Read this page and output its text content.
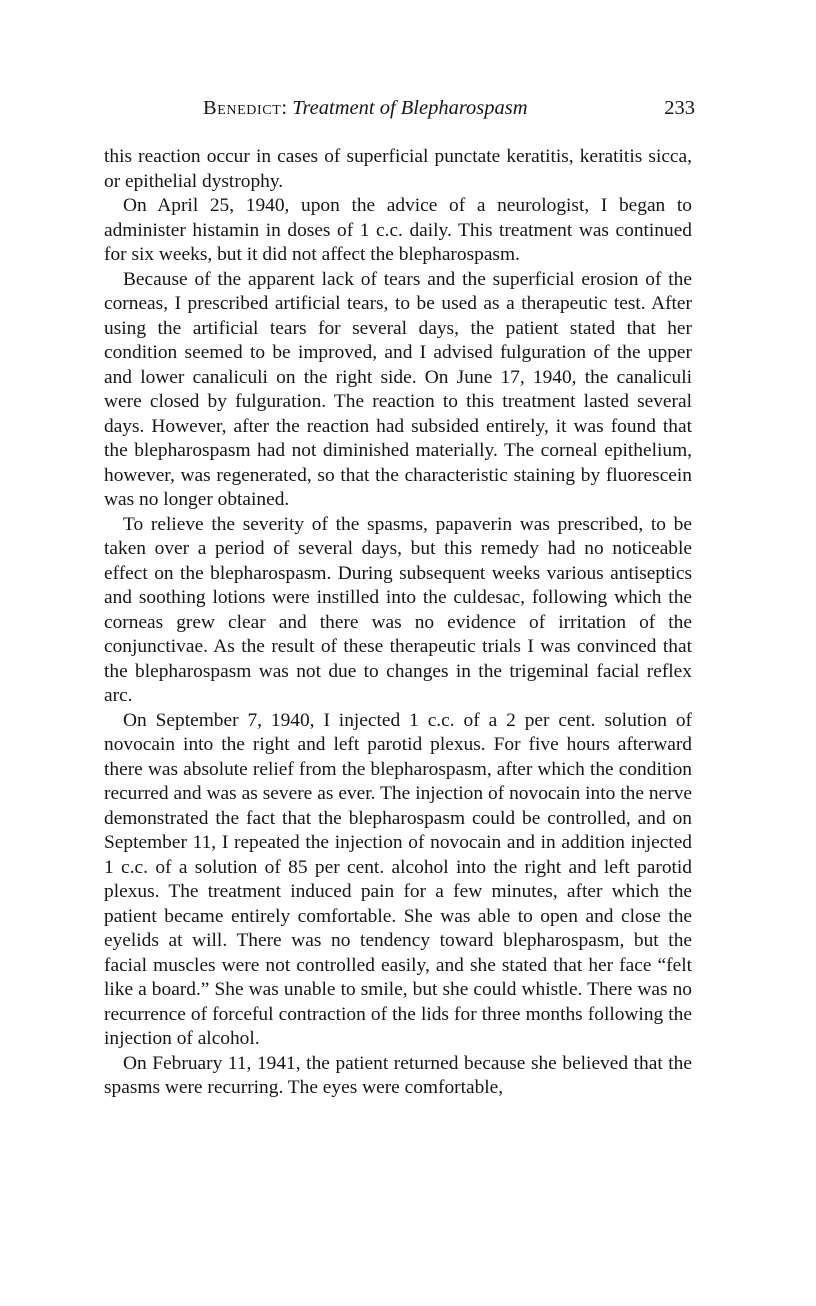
Benedict: Treatment of Blepharospasm	233

this reaction occur in cases of superficial punctate keratitis, keratitis sicca, or epithelial dystrophy.

On April 25, 1940, upon the advice of a neurologist, I began to administer histamin in doses of 1 c.c. daily. This treatment was continued for six weeks, but it did not affect the blepharospasm.

Because of the apparent lack of tears and the superficial erosion of the corneas, I prescribed artificial tears, to be used as a therapeutic test. After using the artificial tears for several days, the patient stated that her condition seemed to be improved, and I advised fulguration of the upper and lower canaliculi on the right side. On June 17, 1940, the canaliculi were closed by fulguration. The reaction to this treatment lasted several days. However, after the reaction had subsided entirely, it was found that the blepharospasm had not diminished materially. The corneal epithelium, however, was regenerated, so that the characteristic staining by fluorescein was no longer obtained.

To relieve the severity of the spasms, papaverin was prescribed, to be taken over a period of several days, but this remedy had no noticeable effect on the blepharospasm. During subsequent weeks various antiseptics and soothing lotions were instilled into the culdesac, following which the corneas grew clear and there was no evidence of irritation of the conjunctivae. As the result of these therapeutic trials I was convinced that the blepharospasm was not due to changes in the trigeminal facial reflex arc.

On September 7, 1940, I injected 1 c.c. of a 2 per cent. solution of novocain into the right and left parotid plexus. For five hours afterward there was absolute relief from the blepharospasm, after which the condition recurred and was as severe as ever. The injection of novocain into the nerve demonstrated the fact that the blepharospasm could be controlled, and on September 11, I repeated the injection of novocain and in addition injected 1 c.c. of a solution of 85 per cent. alcohol into the right and left parotid plexus. The treatment induced pain for a few minutes, after which the patient became entirely comfortable. She was able to open and close the eyelids at will. There was no tendency toward blepharospasm, but the facial muscles were not controlled easily, and she stated that her face “felt like a board.” She was unable to smile, but she could whistle. There was no recurrence of forceful contraction of the lids for three months following the injection of alcohol.

On February 11, 1941, the patient returned because she believed that the spasms were recurring. The eyes were comfortable,
